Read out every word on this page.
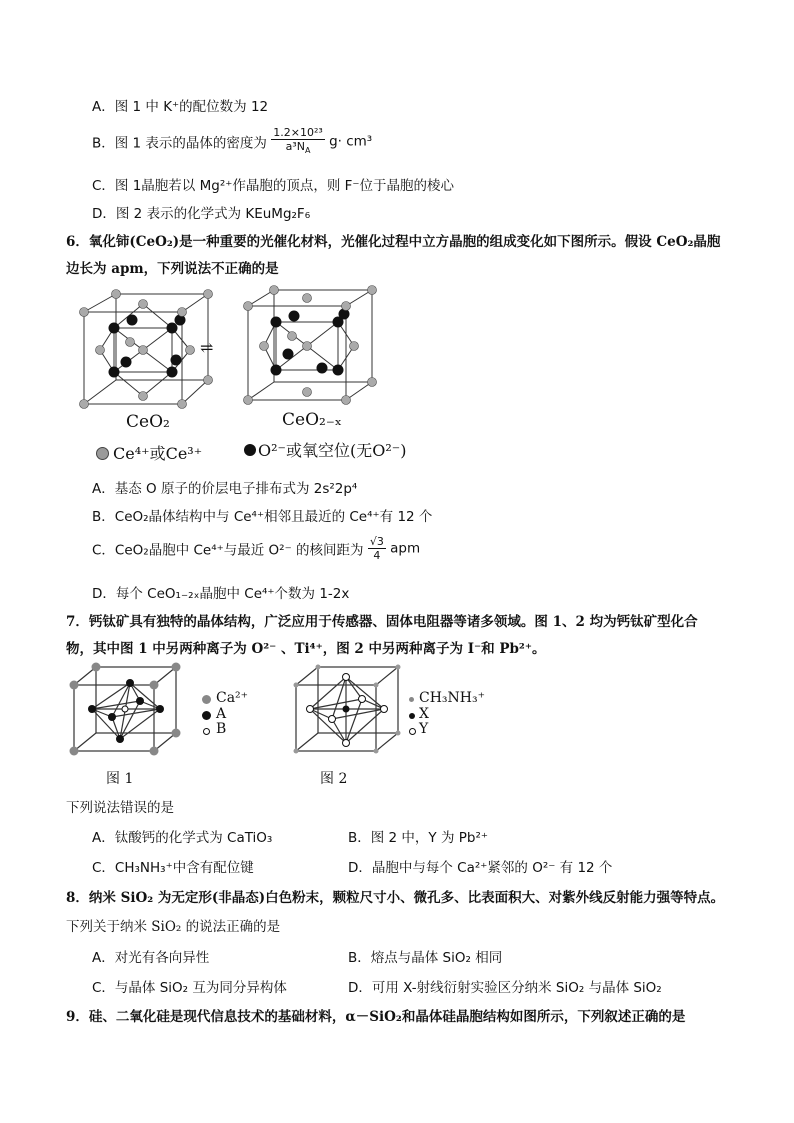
A．图 1 中 K⁺的配位数为 12
B．图 1 表示的晶体的密度为 $\frac{\text{1.2×10²³}}{a^3N_A} g\cdot cm^3$
C．图 1晶胞若以 Mg²⁺作晶胞的顶点，则 F⁻位于晶胞的棱心
D．图 2 表示的化学式为 KEuMg₂F₆
6．氧化铈(CeO₂)是一种重要的光催化材料，光催化过程中立方晶胞的组成变化如下图所示。假设 CeO₂晶胞
边长为 apm，下列说法不正确的是
⇌
CeO₂	CeO₂₋ₓ
Ce⁴⁺或Ce³⁺	O²⁻或氧空位(无O²⁻)
A．基态 O 原子的价层电子排布式为 2s²2p⁴
B．CeO₂晶体结构中与 Ce⁴⁺相邻且最近的 Ce⁴⁺有 12 个
C．CeO₂晶胞中 Ce⁴⁺与最近 O²⁻ 的核间距为 $\frac{√3}{4}$ apm
D．每个 CeO₁₋₂ₓ晶胞中 Ce⁴⁺个数为 1-2x
7．钙钛矿具有独特的晶体结构，广泛应用于传感器、固体电阻器等诸多领域。图 1、2 均为钙钛矿型化合
物，其中图 1 中另两种离子为 O²⁻ 、Ti⁴⁺，图 2 中另两种离子为 I⁻和 Pb²⁺。
Ca²⁺
A
B
CH₃NH₃⁺
X
Y
图 1	图 2
下列说法错误的是
A．钛酸钙的化学式为 CaTiO₃	B．图 2 中，Y 为 Pb²⁺
C．CH₃NH₃⁺中含有配位键	D．晶胞中与每个 Ca²⁺紧邻的 O²⁻ 有 12 个
8．纳米 SiO₂ 为无定形(非晶态)白色粉末，颗粒尺寸小、微孔多、比表面积大、对紫外线反射能力强等特点。
下列关于纳米 SiO₂ 的说法正确的是
A．对光有各向异性	B．熔点与晶体 SiO₂ 相同
C．与晶体 SiO₂ 互为同分异构体	D．可用 X-射线衍射实验区分纳米 SiO₂ 与晶体 SiO₂
9．硅、二氧化硅是现代信息技术的基础材料，α－SiO₂和晶体硅晶胞结构如图所示，下列叙述正确的是
